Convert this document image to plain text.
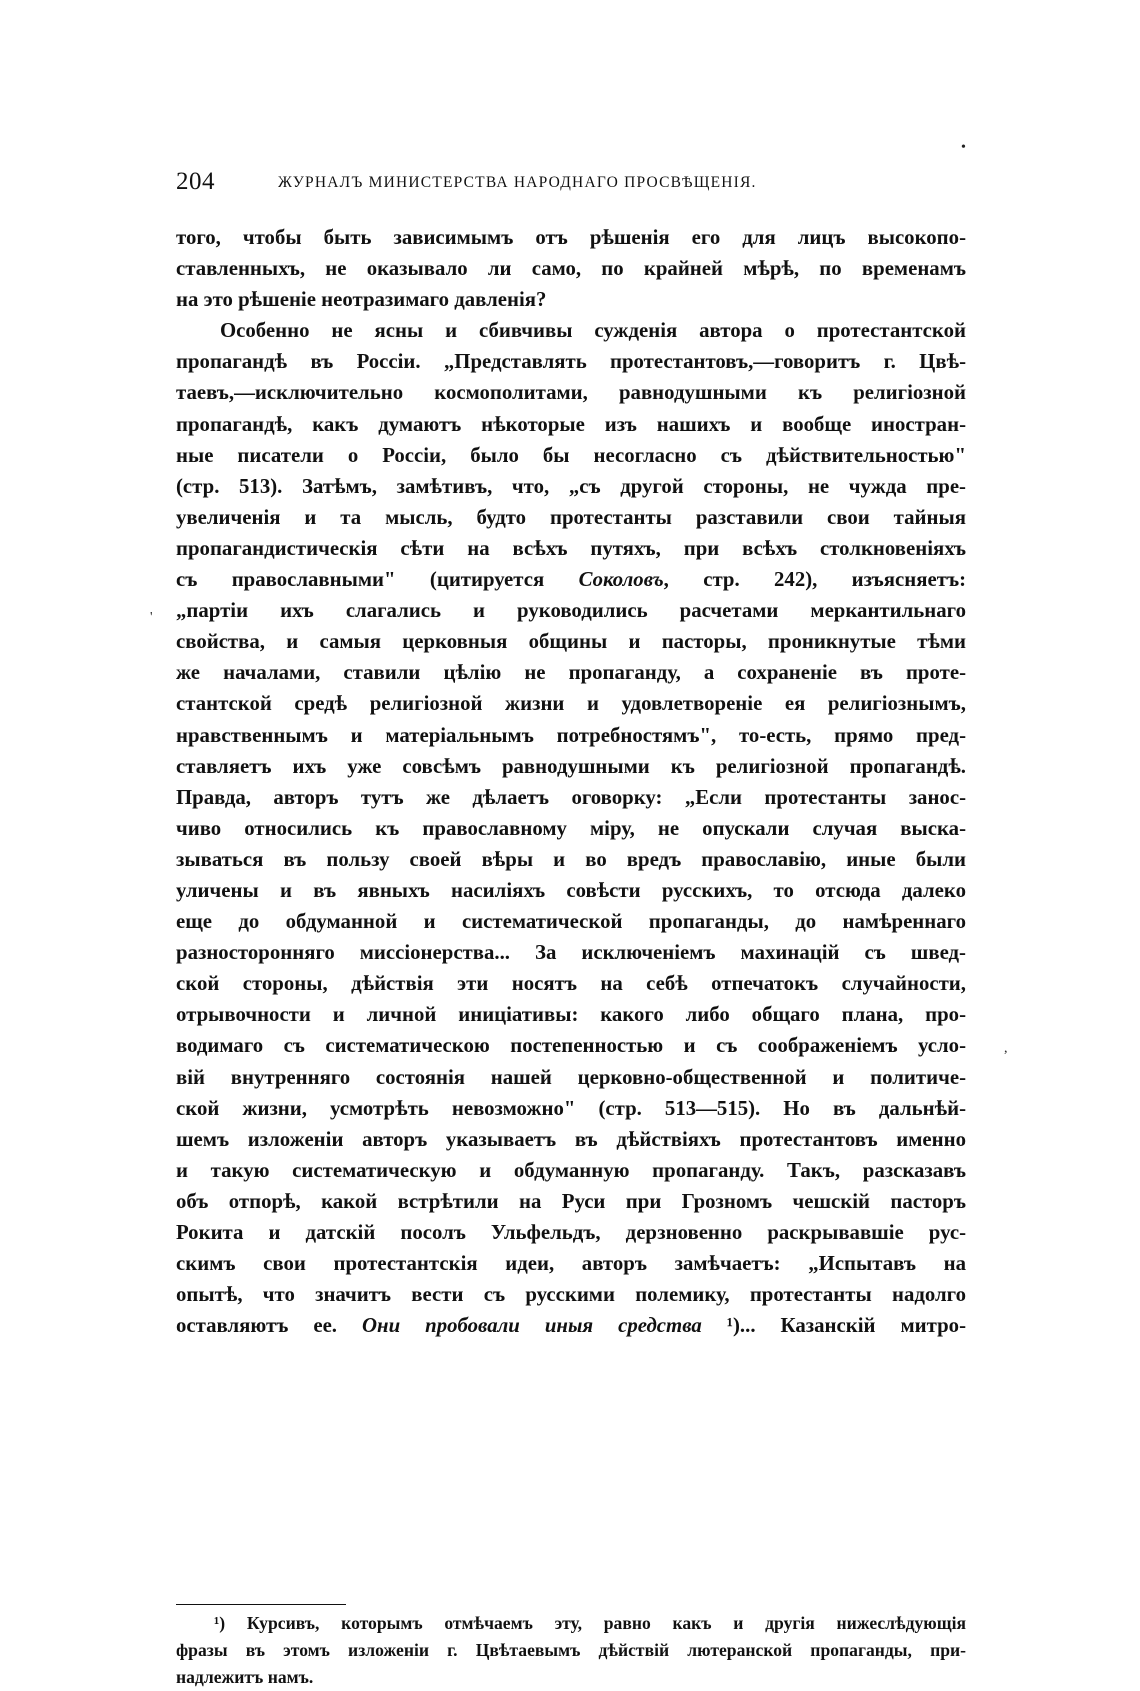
204	ЖУРНАЛЪ МИНИСТЕРСТВА НАРОДНАГО ПРОСВѢЩЕНІЯ.
•
'
,

того, чтобы быть зависимымъ отъ рѣшенія его для лицъ высокопо-

ставленныхъ, не оказывало ли само, по крайней мѣрѣ, по временамъ

на это рѣшеніе неотразимаго давленія?

Особенно не ясны и сбивчивы сужденія автора о протестантской

пропагандѣ въ Россіи. „Представлять протестантовъ,—говоритъ г. Цвѣ-

таевъ,—исключительно космополитами, равнодушными къ религіозной

пропагандѣ, какъ думаютъ нѣкоторые изъ нашихъ и вообще иностран-

ные писатели о Россіи, было бы несогласно съ дѣйствительностью"

(стр. 513). Затѣмъ, замѣтивъ, что, „съ другой стороны, не чужда пре-

увеличенія и та мысль, будто протестанты разставили свои тайныя

пропагандистическія сѣти на всѣхъ путяхъ, при всѣхъ столкновеніяхъ

съ православными" (цитируется Соколовъ, стр. 242), изъясняетъ:

„партіи ихъ слагались и руководились расчетами меркантильнаго

свойства, и самыя церковныя общины и пасторы, проникнутые тѣми

же началами, ставили цѣлію не пропаганду, а сохраненіе въ проте-

стантской средѣ религіозной жизни и удовлетвореніе ея религіознымъ,

нравственнымъ и матеріальнымъ потребностямъ", то-есть, прямо пред-

ставляетъ ихъ уже совсѣмъ равнодушными къ религіозной пропагандѣ.

Правда, авторъ тутъ же дѣлаетъ оговорку: „Если протестанты занос-

чиво относились къ православному міру, не опускали случая выска-

зываться въ пользу своей вѣры и во вредъ православію, иные были

уличены и въ явныхъ насиліяхъ совѣсти русскихъ, то отсюда далеко

еще до обдуманной и систематической пропаганды, до намѣреннаго

разносторонняго миссіонерства... За исключеніемъ махинацій съ швед-

ской стороны, дѣйствія эти носятъ на себѣ отпечатокъ случайности,

отрывочности и личной иниціативы: какого либо общаго плана, про-

водимаго съ систематическою постепенностью и съ соображеніемъ усло-

вій внутренняго состоянія нашей церковно-общественной и политиче-

ской жизни, усмотрѣть невозможно" (стр. 513—515). Но въ дальнѣй-

шемъ изложеніи авторъ указываетъ въ дѣйствіяхъ протестантовъ именно

и такую систематическую и обдуманную пропаганду. Такъ, разсказавъ

объ отпорѣ, какой встрѣтили на Руси при Грозномъ чешскій пасторъ

Рокита и датскій посолъ Ульфельдъ, дерзновенно раскрывавшіе рус-

скимъ свои протестантскія идеи, авторъ замѣчаетъ: „Испытавъ на

опытѣ, что значитъ вести съ русскими полемику, протестанты надолго

оставляютъ ее. Они пробовали иныя средства ¹)... Казанскій митро-

¹) Курсивъ, которымъ отмѣчаемъ эту, равно какъ и другія нижеслѣдующія

фразы въ этомъ изложеніи г. Цвѣтаевымъ дѣйствій лютеранской пропаганды, при-

надлежитъ намъ.
